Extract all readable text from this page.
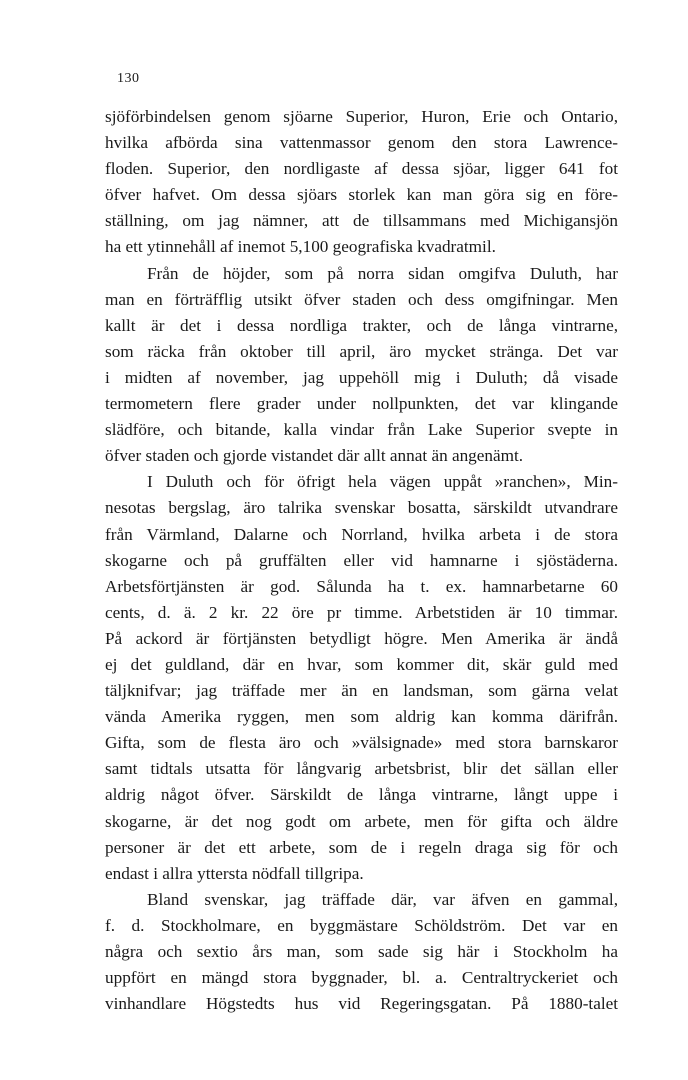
130
sjöförbindelsen genom sjöarne Superior, Huron, Erie och Ontario,
hvilka afbörda sina vattenmassor genom den stora Lawrence-
floden. Superior, den nordligaste af dessa sjöar, ligger 641 fot
öfver hafvet. Om dessa sjöars storlek kan man göra sig en före-
ställning, om jag nämner, att de tillsammans med Michigansjön
ha ett ytinnehåll af inemot 5,100 geografiska kvadratmil.
Från de höjder, som på norra sidan omgifva Duluth, har
man en förträfflig utsikt öfver staden och dess omgifningar. Men
kallt är det i dessa nordliga trakter, och de långa vintrarne,
som räcka från oktober till april, äro mycket stränga. Det var
i midten af november, jag uppehöll mig i Duluth; då visade
termometern flere grader under nollpunkten, det var klingande
slädföre, och bitande, kalla vindar från Lake Superior svepte in
öfver staden och gjorde vistandet där allt annat än angenämt.
I Duluth och för öfrigt hela vägen uppåt »ranchen», Min-
nesotas bergslag, äro talrika svenskar bosatta, särskildt utvandrare
från Värmland, Dalarne och Norrland, hvilka arbeta i de stora
skogarne och på gruffälten eller vid hamnarne i sjöstäderna.
Arbetsförtjänsten är god. Sålunda ha t. ex. hamnarbetarne 60
cents, d. ä. 2 kr. 22 öre pr timme. Arbetstiden är 10 timmar.
På ackord är förtjänsten betydligt högre. Men Amerika är ändå
ej det guldland, där en hvar, som kommer dit, skär guld med
täljknifvar; jag träffade mer än en landsman, som gärna velat
vända Amerika ryggen, men som aldrig kan komma därifrån.
Gifta, som de flesta äro och »välsignade» med stora barnskaror
samt tidtals utsatta för långvarig arbetsbrist, blir det sällan eller
aldrig något öfver. Särskildt de långa vintrarne, långt uppe i
skogarne, är det nog godt om arbete, men för gifta och äldre
personer är det ett arbete, som de i regeln draga sig för och
endast i allra yttersta nödfall tillgripa.
Bland svenskar, jag träffade där, var äfven en gammal,
f. d. Stockholmare, en byggmästare Schöldström. Det var en
några och sextio års man, som sade sig här i Stockholm ha
uppfört en mängd stora byggnader, bl. a. Centraltryckeriet och
vinhandlare Högstedts hus vid Regeringsgatan. På 1880-talet
